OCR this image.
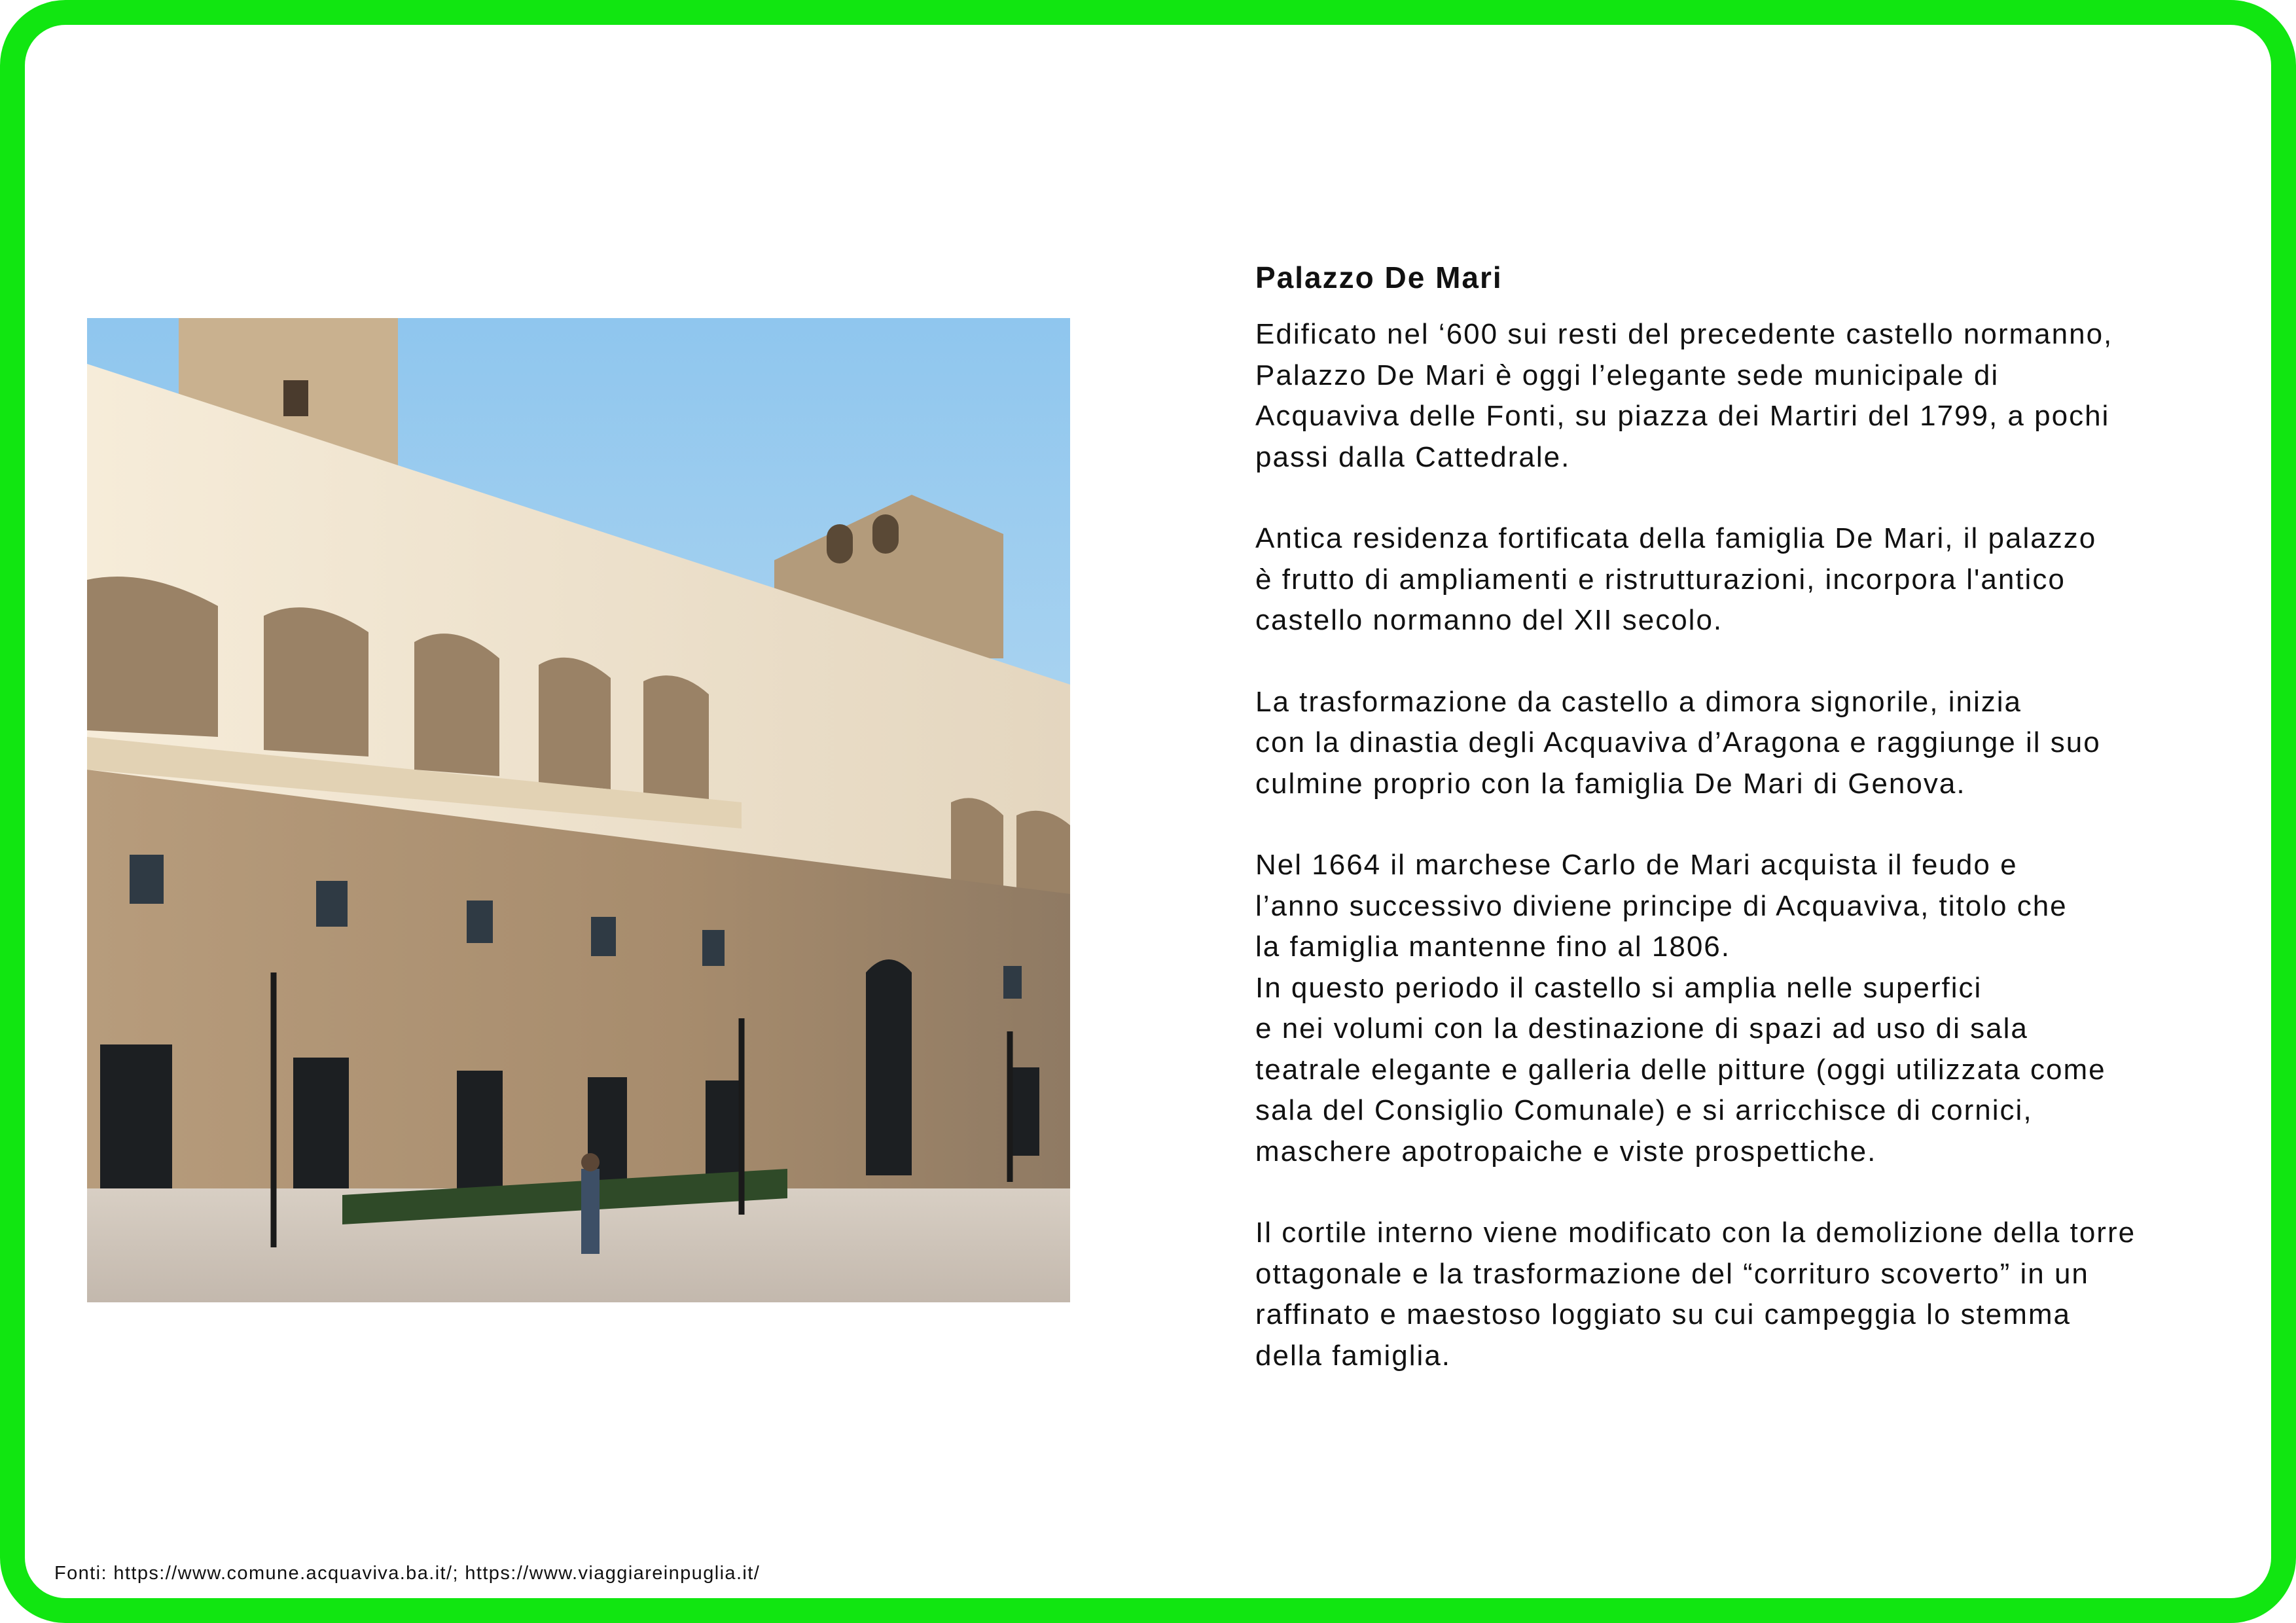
Palazzo De Mari
Edificato nel ‘600 sui resti del precedente castello normanno,
Palazzo De Mari è oggi l’elegante sede municipale di
Acquaviva delle Fonti, su piazza dei Martiri del 1799, a pochi
passi dalla Cattedrale.
Antica residenza fortificata della famiglia De Mari, il palazzo
è frutto di ampliamenti e ristrutturazioni, incorpora l'antico
castello normanno del XII secolo.
La trasformazione da castello a dimora signorile, inizia
con la dinastia degli Acquaviva d’Aragona e raggiunge il suo
culmine proprio con la famiglia De Mari di Genova.
Nel 1664 il marchese Carlo de Mari acquista il feudo e
l’anno successivo diviene principe di Acquaviva, titolo che
la famiglia mantenne fino al 1806.
In questo periodo il castello si amplia nelle superfici
e nei volumi con la destinazione di spazi ad uso di sala
teatrale elegante e galleria delle pitture (oggi utilizzata come
sala del Consiglio Comunale) e si arricchisce di cornici,
maschere apotropaiche e viste prospettiche.
Il cortile interno viene modificato con la demolizione della torre
ottagonale e la trasformazione del “corrituro scoverto” in un
raffinato e maestoso loggiato su cui campeggia lo stemma
della famiglia.
Fonti: https://www.comune.acquaviva.ba.it/; https://www.viaggiareinpuglia.it/
